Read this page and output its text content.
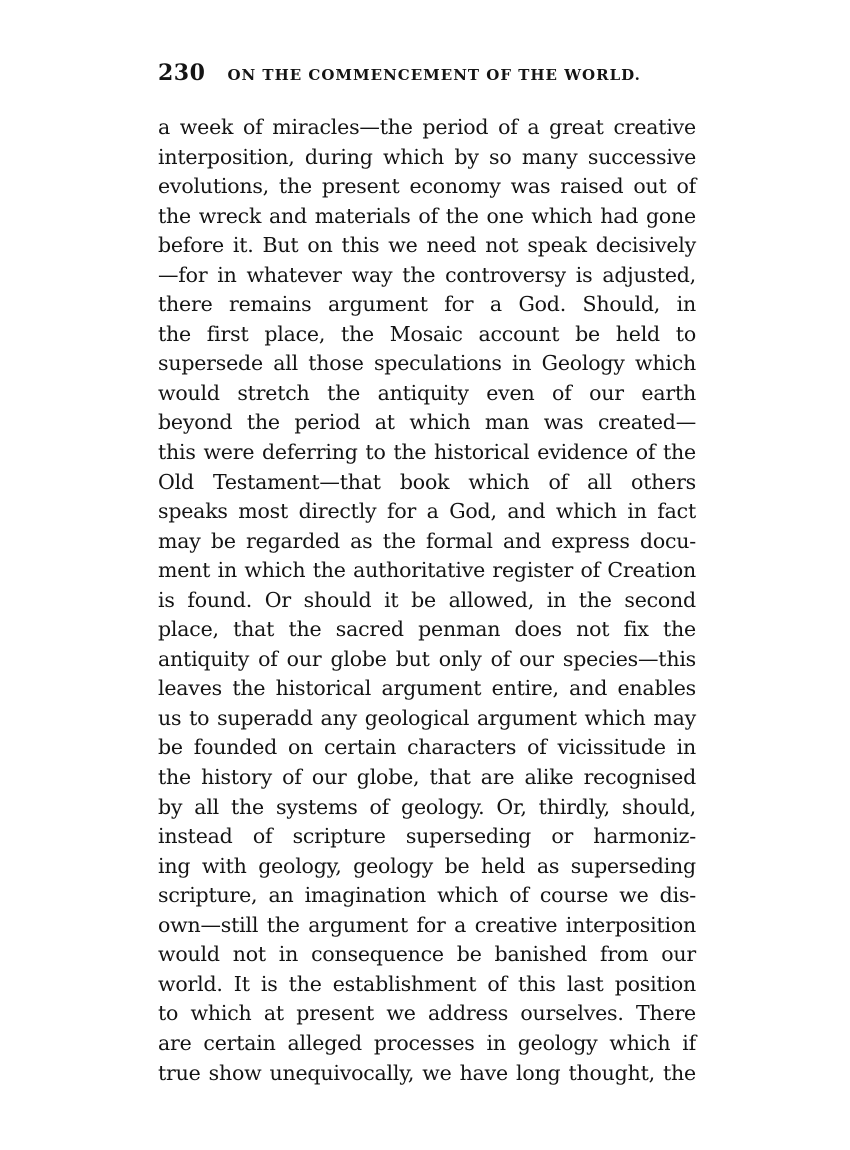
230 ON THE COMMENCEMENT OF THE WORLD.
a week of miracles—the period of a great creative
interposition, during which by so many successive
evolutions, the present economy was raised out of
the wreck and materials of the one which had gone
before it. But on this we need not speak decisively
—for in whatever way the controversy is adjusted,
there remains argument for a God. Should, in
the first place, the Mosaic account be held to
supersede all those speculations in Geology which
would stretch the antiquity even of our earth
beyond the period at which man was created—
this were deferring to the historical evidence of the
Old Testament—that book which of all others
speaks most directly for a God, and which in fact
may be regarded as the formal and express docu-
ment in which the authoritative register of Creation
is found. Or should it be allowed, in the second
place, that the sacred penman does not fix the
antiquity of our globe but only of our species—this
leaves the historical argument entire, and enables
us to superadd any geological argument which may
be founded on certain characters of vicissitude in
the history of our globe, that are alike recognised
by all the systems of geology. Or, thirdly, should,
instead of scripture superseding or harmoniz-
ing with geology, geology be held as superseding
scripture, an imagination which of course we dis-
own—still the argument for a creative interposition
would not in consequence be banished from our
world. It is the establishment of this last position
to which at present we address ourselves. There
are certain alleged processes in geology which if
true show unequivocally, we have long thought, the
